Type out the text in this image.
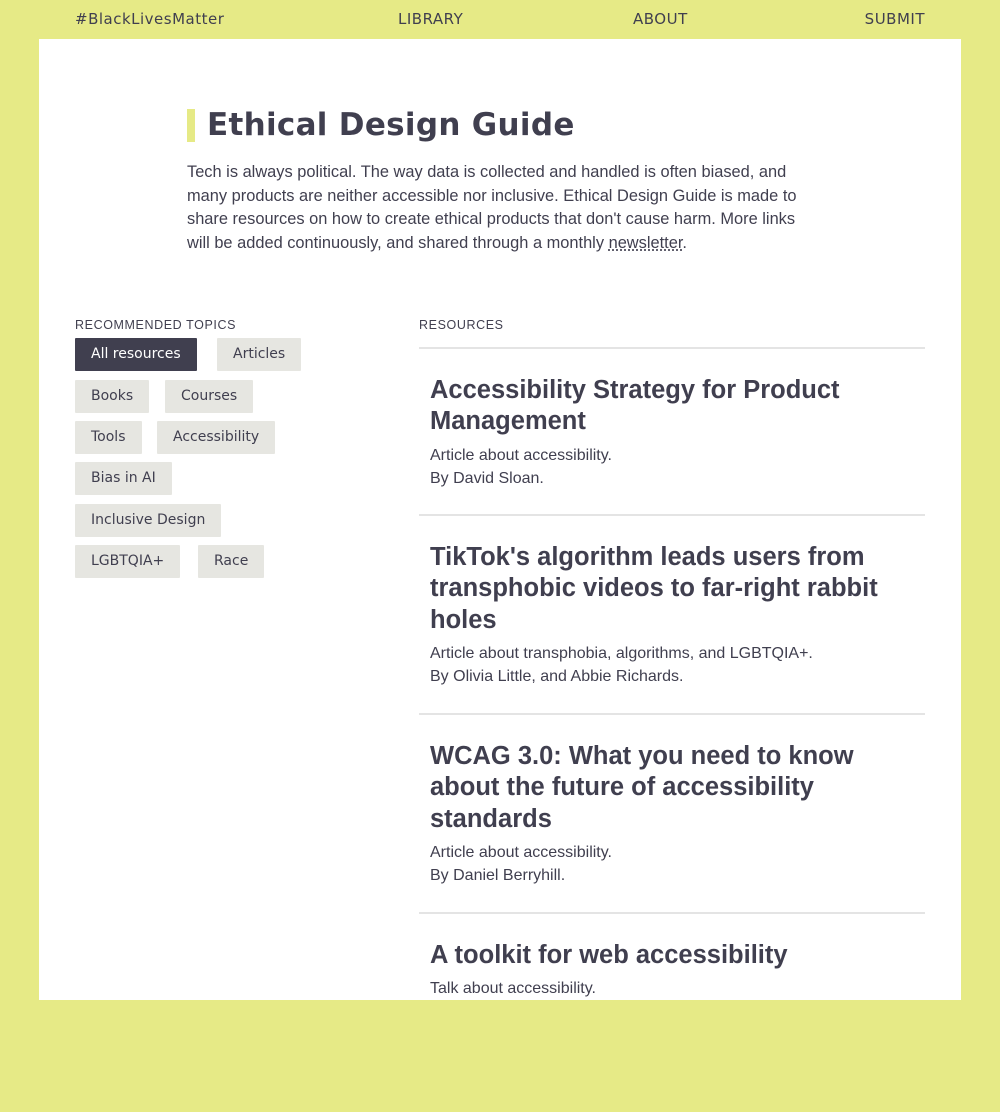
#BlackLivesMatter	LIBRARY	ABOUT	SUBMIT
Ethical Design Guide

Tech is always political. The way data is collected and handled is often biased, and many products are neither accessible nor inclusive. Ethical Design Guide is made to share resources on how to create ethical products that don't cause harm. More links will be added continuously, and shared through a monthly newsletter.

RECOMMENDED TOPICS
All resources	Articles
Books	Courses
Tools	Accessibility
Bias in AI
Inclusive Design
LGBTQIA+	Race
RESOURCES
Accessibility Strategy for Product Management

Article about accessibility.
By David Sloan.

TikTok's algorithm leads users from transphobic videos to far-right rabbit holes

Article about transphobia, algorithms, and LGBTQIA+.
By Olivia Little, and Abbie Richards.

WCAG 3.0: What you need to know about the future of accessibility standards

Article about accessibility.
By Daniel Berryhill.

A toolkit for web accessibility

Talk about accessibility.
